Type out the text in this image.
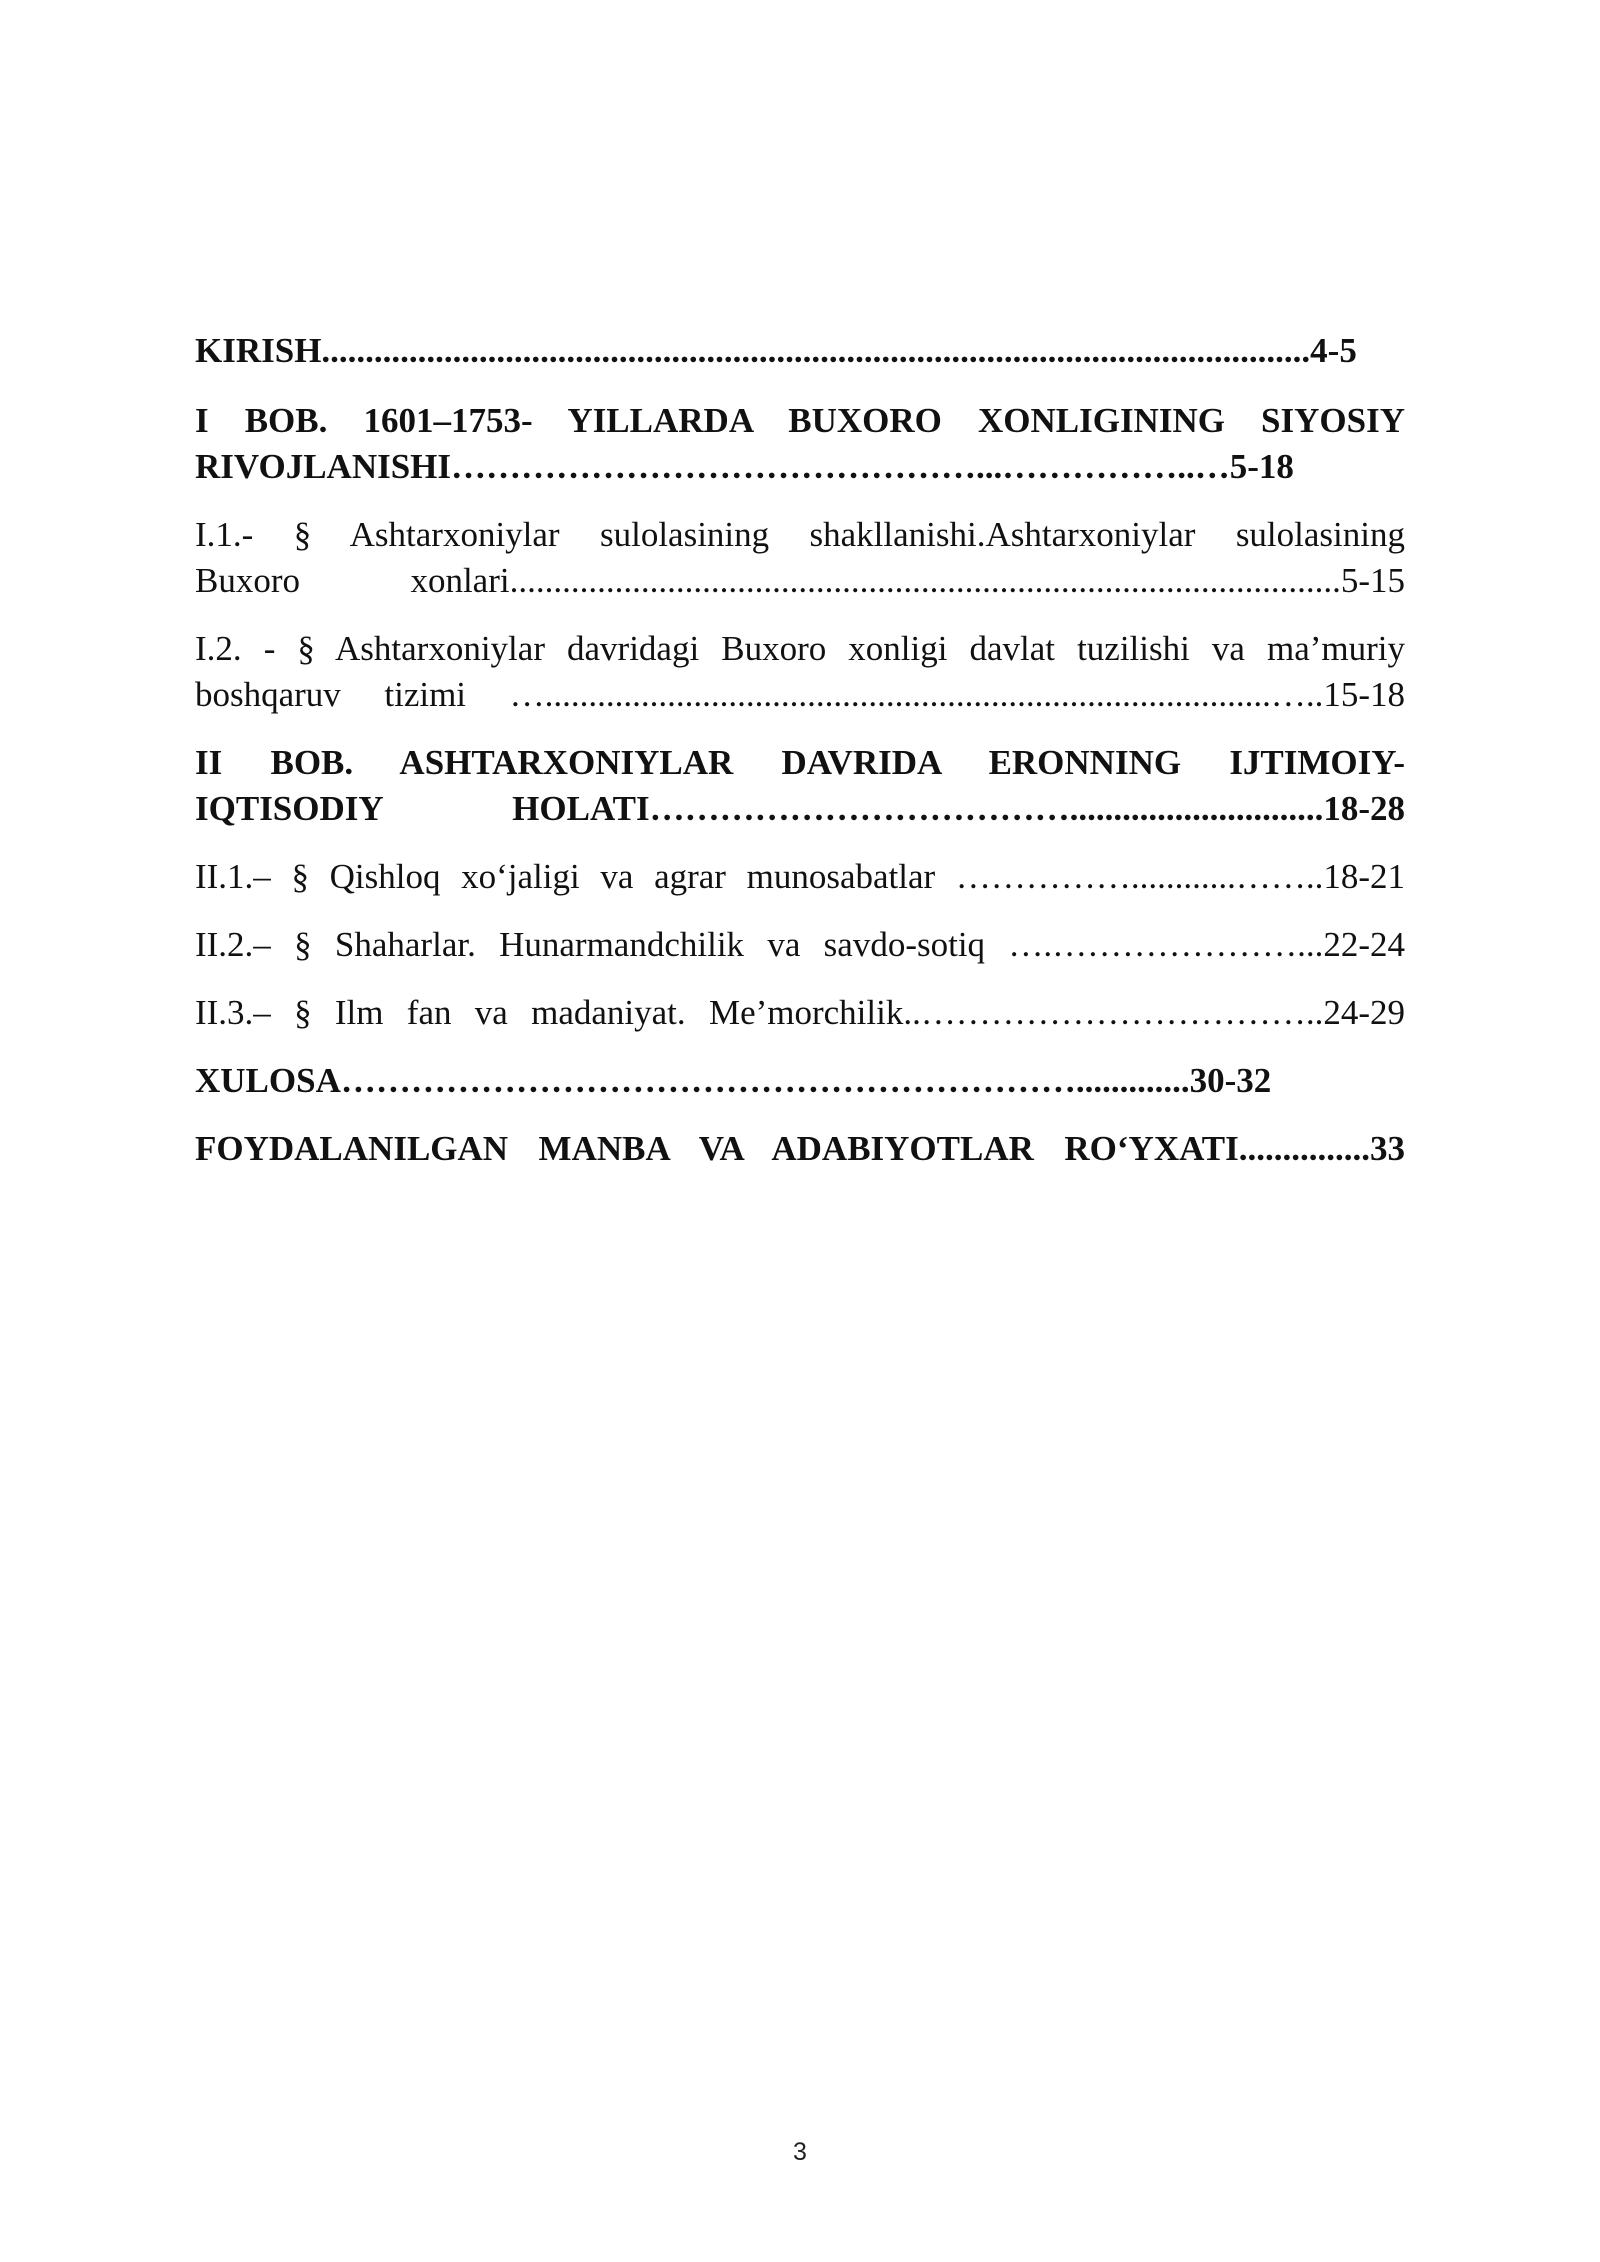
KIRISH.................................................................................................................4-5

I BOB. 1601–1753- YILLARDA BUXORO XONLIGINING SIYOSIY
RIVOJLANISHI………………………………………...……………..…5-18

I.1.- § Ashtarxoniylar sulolasining shakllanishi.Ashtarxoniylar sulolasining
Buxoro xonlari...............................................................................................5-15

I.2. - § Ashtarxoniylar davridagi Buxoro xonligi davlat tuzilishi va ma’muriy
boshqaruv tizimi …...................................................................................…..15-18

II BOB. ASHTARXONIYLAR DAVRIDA ERONNING IJTIMOIY-
IQTISODIY HOLATI……………………………….............................18-28

II.1.– § Qishloq xo‘jaligi va agrar munosabatlar ……………............……..18-21

II.2.– § Shaharlar. Hunarmandchilik va savdo-sotiq ….…………………...22-24

II.3.– § Ilm fan va madaniyat. Me’morchilik..……………………………..24-29

XULOSA……………………………………………………….............30-32

FOYDALANILGAN MANBA VA ADABIYOTLAR RO‘YXATI...............33

3
